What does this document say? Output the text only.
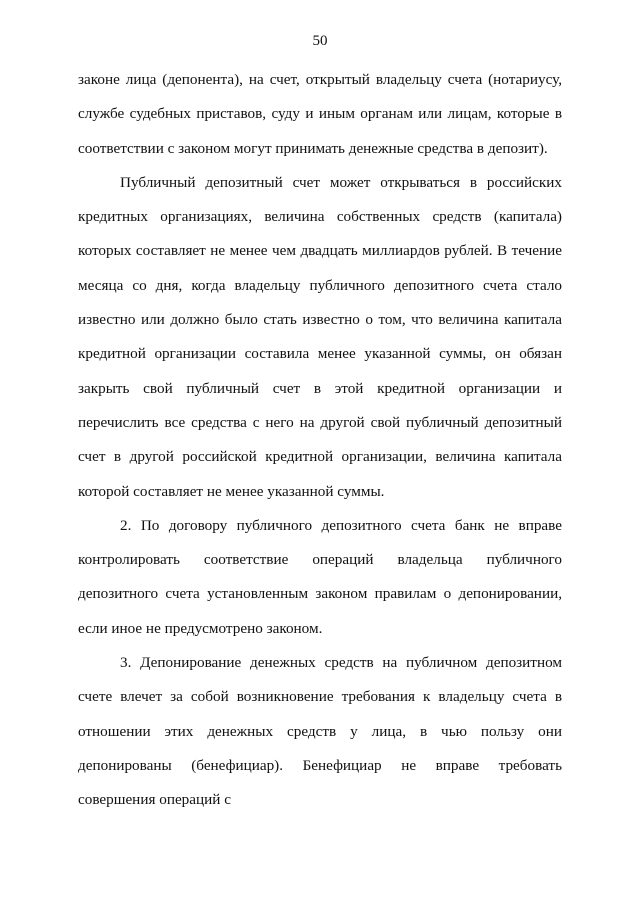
50

законе лица (депонента), на счет, открытый владельцу счета (нотариусу, службе судебных приставов, суду и иным органам или лицам, которые в соответствии с законом могут принимать денежные средства в депозит).

Публичный депозитный счет может открываться в российских кредитных организациях, величина собственных средств (капитала) которых составляет не менее чем двадцать миллиардов рублей. В течение месяца со дня, когда владельцу публичного депозитного счета стало известно или должно было стать известно о том, что величина капитала кредитной организации составила менее указанной суммы, он обязан закрыть свой публичный счет в этой кредитной организации и перечислить все средства с него на другой свой публичный депозитный счет в другой российской кредитной организации, величина капитала которой составляет не менее указанной суммы.

2. По договору публичного депозитного счета банк не вправе контролировать соответствие операций владельца публичного депозитного счета установленным законом правилам о депонировании, если иное не предусмотрено законом.

3. Депонирование денежных средств на публичном депозитном счете влечет за собой возникновение требования к владельцу счета в отношении этих денежных средств у лица, в чью пользу они депонированы (бенефициар). Бенефициар не вправе требовать совершения операций с
